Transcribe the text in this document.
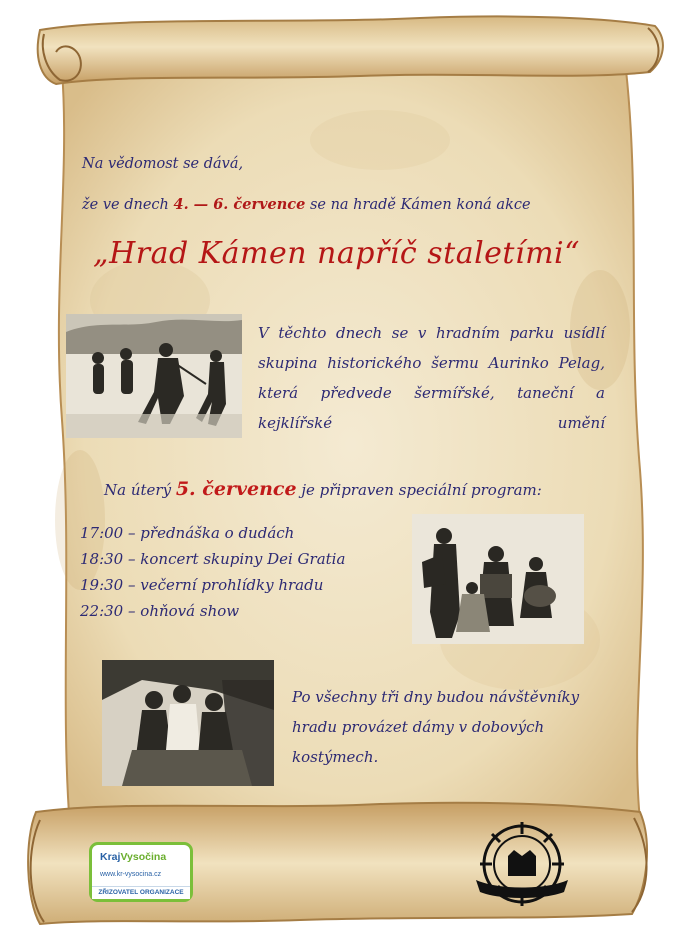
Na vědomost se dává,
že ve dnech 4. — 6. července se na hradě Kámen koná akce
„Hrad Kámen napříč staletími“
V těchto dnech se v hradním parku usídlí skupina historického šermu Aurinko Pelag, která předvede šermířské, taneční a kejklířské umění
Na úterý 5. července je připraven speciální program:
17:00 – přednáška o dudách
18:30 – koncert skupiny Dei Gratia
19:30 – večerní prohlídky hradu
22:30 – ohňová show
Po všechny tři dny budou návštěvníky hradu provázet dámy v dobových kostýmech.
KrajVysočina
www.kr-vysocina.cz
ZŘIZOVATEL ORGANIZACE
